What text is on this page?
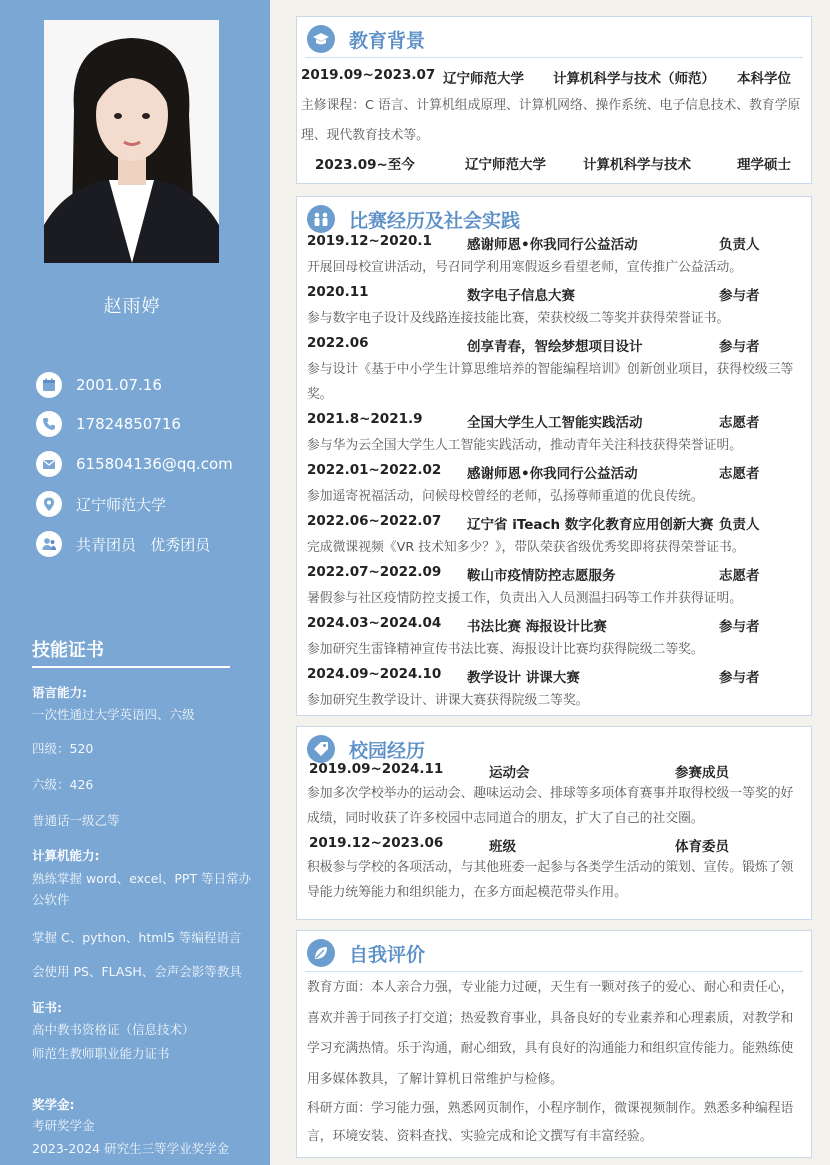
赵雨婷
2001.07.16
17824850716
615804136@qq.com
辽宁师范大学
共青团员   优秀团员
技能证书
语言能力:
一次性通过大学英语四、六级
四级：520
六级：426
普通话一级乙等
计算机能力:
熟练掌握 word、excel、PPT 等日常办公软件
掌握 C、python、html5 等编程语言
会使用 PS、FLASH、会声会影等教具
证书:
高中教书资格证（信息技术）
师范生教师职业能力证书
奖学金:
考研奖学金
2023-2024 研究生三等学业奖学金
教育背景
2019.09~2023.07 辽宁师范大学 计算机科学与技术（师范） 本科学位
主修课程：C 语言、计算机组成原理、计算机网络、操作系统、电子信息技术、教育学原理、现代教育技术等。
2023.09~至今	辽宁师范大学	计算机科学与技术	理学硕士
比赛经历及社会实践
2019.12~2020.1	感谢师恩•你我同行公益活动	负责人
开展回母校宣讲活动，号召同学利用寒假返乡看望老师，宣传推广公益活动。
2020.11	数字电子信息大赛	参与者
参与数字电子设计及线路连接技能比赛，荣获校级二等奖并获得荣誉证书。
2022.06	创享青春，智绘梦想项目设计	参与者
参与设计《基于中小学生计算思维培养的智能编程培训》创新创业项目，获得校级三等奖。
2021.8~2021.9	全国大学生人工智能实践活动	志愿者
参与华为云全国大学生人工智能实践活动，推动青年关注科技获得荣誉证明。
2022.01~2022.02 感谢师恩•你我同行公益活动	志愿者
参加遥寄祝福活动，问候母校曾经的老师，弘扬尊师重道的优良传统。
2022.06~2022.07 辽宁省 iTeach 数字化教育应用创新大赛 负责人
完成微课视频《VR 技术知多少？》，带队荣获省级优秀奖即将获得荣誉证书。
2022.07~2022.09 鞍山市疫情防控志愿服务	志愿者
暑假参与社区疫情防控支援工作，负责出入人员测温扫码等工作并获得证明。
2024.03~2024.04 书法比赛 海报设计比赛	参与者
参加研究生雷锋精神宣传书法比赛、海报设计比赛均获得院级二等奖。
2024.09~2024.10 教学设计 讲课大赛	参与者
参加研究生教学设计、讲课大赛获得院级二等奖。
校园经历
2019.09~2024.11	运动会	参赛成员
参加多次学校举办的运动会、趣味运动会、排球等多项体育赛事并取得校级一等奖的好成绩，同时收获了许多校园中志同道合的朋友，扩大了自己的社交圈。
2019.12~2023.06	班级	体育委员
积极参与学校的各项活动，与其他班委一起参与各类学生活动的策划、宣传。锻炼了领导能力统筹能力和组织能力，在多方面起模范带头作用。
自我评价
教育方面：本人亲合力强，专业能力过硬，天生有一颗对孩子的爱心、耐心和责任心，喜欢并善于同孩子打交道；热爱教育事业，具备良好的专业素养和心理素质，对教学和学习充满热情。乐于沟通，耐心细致，具有良好的沟通能力和组织宣传能力。能熟练使用多媒体教具，了解计算机日常维护与检修。
科研方面：学习能力强，熟悉网页制作，小程序制作，微课视频制作。熟悉多种编程语言，环境安装、资料查找、实验完成和论文撰写有丰富经验。
